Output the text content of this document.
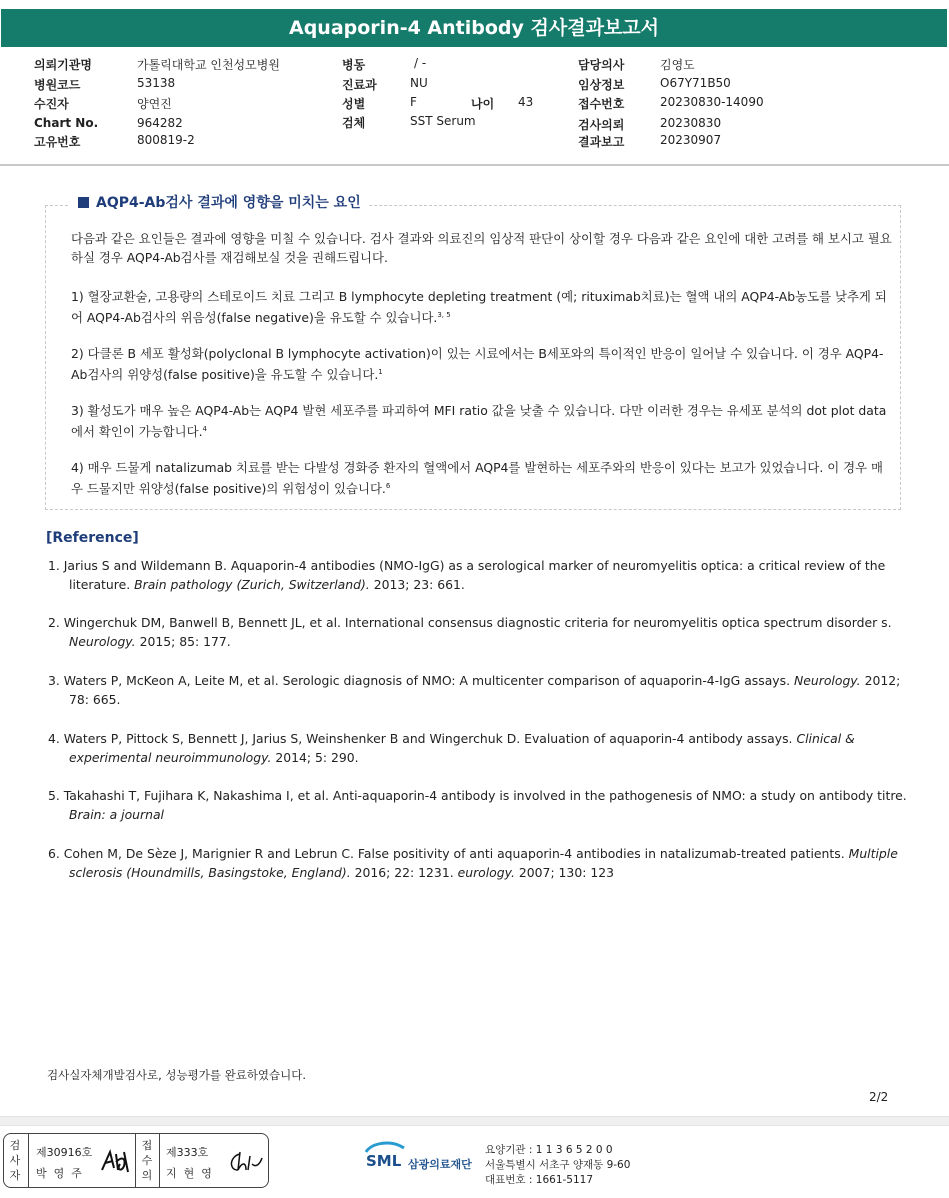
Aquaporin-4 Antibody 검사결과보고서
의뢰기관명	가톨릭대학교 인천성모병원
병원코드	53138
수진자	양연진
Chart No.	964282
고유번호	800819-2
병동	/ -
진료과	NU
성별	F	나이 43
검체	SST Serum
담당의사	김영도
임상정보	O67Y71B50
접수번호	20230830-14090
검사의뢰	20230830
결과보고	20230907
AQP4-Ab검사 결과에 영향을 미치는 요인
다음과 같은 요인들은 결과에 영향을 미칠 수 있습니다. 검사 결과와 의료진의 임상적 판단이 상이할 경우 다음과 같은 요인에 대한 고려를 해 보시고 필요하실 경우 AQP4-Ab검사를 재검해보실 것을 권해드립니다.
1) 혈장교환술, 고용량의 스테로이드 치료 그리고 B lymphocyte depleting treatment (예; rituximab치료)는 혈액 내의 AQP4-Ab농도를 낮추게 되어 AQP4-Ab검사의 위음성(false negative)을 유도할 수 있습니다.$^{3, 5}$
2) 다클론 B 세포 활성화(polyclonal B lymphocyte activation)이 있는 시료에서는 B세포와의 특이적인 반응이 일어날 수 있습니다. 이 경우 AQP4-Ab검사의 위양성(false positive)을 유도할 수 있습니다.$^1$
3) 활성도가 매우 높은 AQP4-Ab는 AQP4 발현 세포주를 파괴하여 MFI ratio 값을 낮출 수 있습니다. 다만 이러한 경우는 유세포 분석의 dot plot data에서 확인이 가능합니다.$^4$
4) 매우 드물게 natalizumab 치료를 받는 다발성 경화증 환자의 혈액에서 AQP4를 발현하는 세포주와의 반응이 있다는 보고가 있었습니다. 이 경우 매우 드물지만 위양성(false positive)의 위험성이 있습니다.$^6$
[Reference]
1. Jarius S and Wildemann B. Aquaporin-4 antibodies (NMO-IgG) as a serological marker of neuromyelitis optica: a critical review of the literature. Brain pathology (Zurich, Switzerland). 2013; 23: 661.
2. Wingerchuk DM, Banwell B, Bennett JL, et al. International consensus diagnostic criteria for neuromyelitis optica spectrum disorder s. Neurology. 2015; 85: 177.
3. Waters P, McKeon A, Leite M, et al. Serologic diagnosis of NMO: A multicenter comparison of aquaporin-4-IgG assays. Neurology. 2012; 78: 665.
4. Waters P, Pittock S, Bennett J, Jarius S, Weinshenker B and Wingerchuk D. Evaluation of aquaporin-4 antibody assays. Clinical & experimental neuroimmunology. 2014; 5: 290.
5. Takahashi T, Fujihara K, Nakashima I, et al. Anti-aquaporin-4 antibody is involved in the pathogenesis of NMO: a study on antibody titre. Brain: a journal
6. Cohen M, De Sèze J, Marignier R and Lebrun C. False positivity of anti aquaporin-4 antibodies in natalizumab-treated patients. Multiple sclerosis (Houndmills, Basingstoke, England). 2016; 22: 1231. eurology. 2007; 130: 123
검사실자체개발검사로, 성능평가를 완료하였습니다.
2/2
검사자
제30916호
박영주
접수의
제333호
지현영
SML 삼광의료재단
요양기관 : 1 1 3 6 5 2 0 0
서울특별시 서초구 양재동 9-60
대표번호 : 1661-5117
